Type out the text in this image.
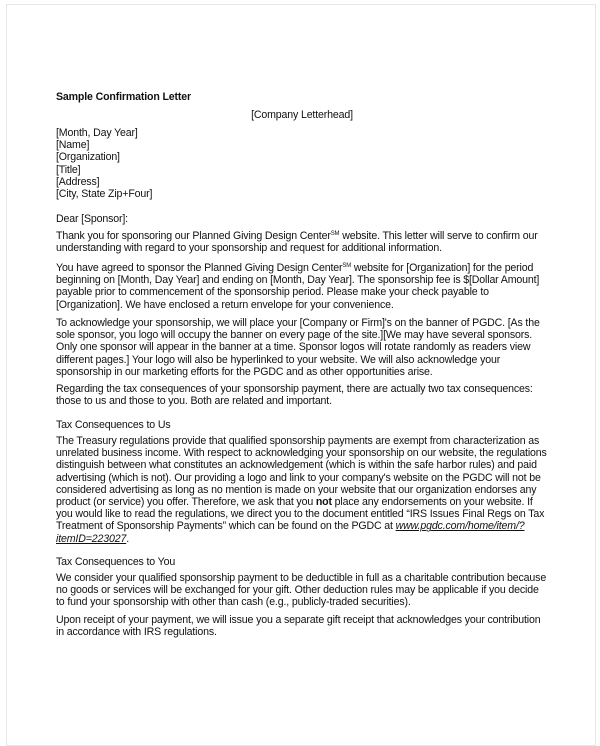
Sample Confirmation Letter
[Company Letterhead]
[Month, Day Year]
[Name]
[Organization]
[Title]
[Address]
[City, State Zip+Four]
Dear [Sponsor]:
Thank you for sponsoring our Planned Giving Design Center℠ website. This letter will serve to confirm our understanding with regard to your sponsorship and request for additional information.
You have agreed to sponsor the Planned Giving Design Center℠ website for [Organization] for the period beginning on [Month, Day Year] and ending on [Month, Day Year]. The sponsorship fee is $[Dollar Amount] payable prior to commencement of the sponsorship period. Please make your check payable to [Organization]. We have enclosed a return envelope for your convenience.
To acknowledge your sponsorship, we will place your [Company or Firm]'s on the banner of PGDC. [As the sole sponsor, you logo will occupy the banner on every page of the site.][We may have several sponsors. Only one sponsor will appear in the banner at a time. Sponsor logos will rotate randomly as readers view different pages.] Your logo will also be hyperlinked to your website. We will also acknowledge your sponsorship in our marketing efforts for the PGDC and as other opportunities arise.
Regarding the tax consequences of your sponsorship payment, there are actually two tax consequences: those to us and those to you. Both are related and important.
Tax Consequences to Us
The Treasury regulations provide that qualified sponsorship payments are exempt from characterization as unrelated business income. With respect to acknowledging your sponsorship on our website, the regulations distinguish between what constitutes an acknowledgement (which is within the safe harbor rules) and paid advertising (which is not). Our providing a logo and link to your company's website on the PGDC will not be considered advertising as long as no mention is made on your website that our organization endorses any product (or service) you offer. Therefore, we ask that you not place any endorsements on your website. If you would like to read the regulations, we direct you to the document entitled “IRS Issues Final Regs on Tax Treatment of Sponsorship Payments” which can be found on the PGDC at www.pgdc.com/home/item/?itemID=223027.
Tax Consequences to You
We consider your qualified sponsorship payment to be deductible in full as a charitable contribution because no goods or services will be exchanged for your gift. Other deduction rules may be applicable if you decide to fund your sponsorship with other than cash (e.g., publicly-traded securities).
Upon receipt of your payment, we will issue you a separate gift receipt that acknowledges your contribution in accordance with IRS regulations.
